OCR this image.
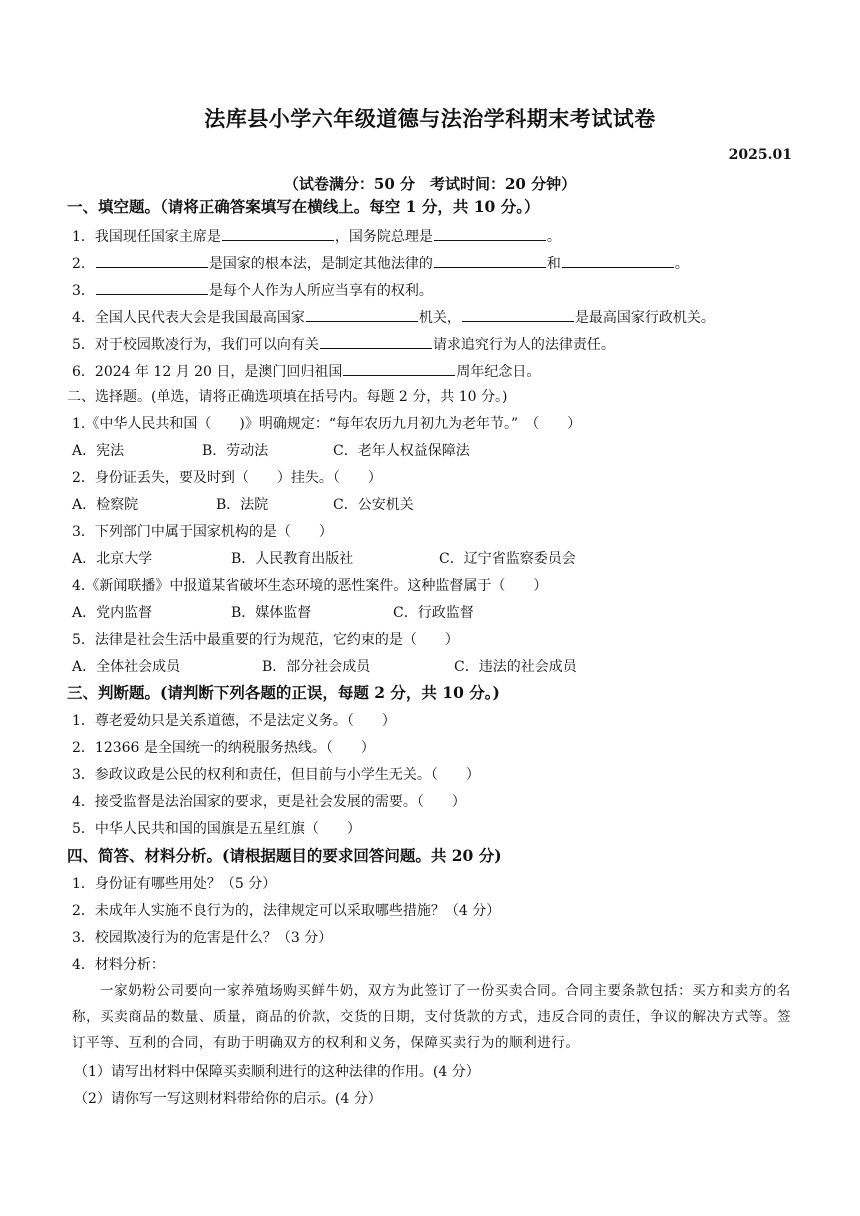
法库县小学六年级道德与法治学科期末考试试卷
2025.01
（试卷满分：50 分　考试时间：20 分钟）
一、填空题。（请将正确答案填写在横线上。每空 1 分，共 10 分。）
1．我国现任国家主席是	，国务院总理是	。
2．	是国家的根本法，是制定其他法律的	和	。
3．	是每个人作为人所应当享有的权利。
4．全国人民代表大会是我国最高国家	机关，	是最高国家行政机关。
5．对于校园欺凌行为，我们可以向有关	请求追究行为人的法律责任。
6．2024 年 12 月 20 日，是澳门回归祖国	周年纪念日。
二、选择题。(单选，请将正确选项填在括号内。每题 2 分，共 10 分。)
1.《中华人民共和国（　　)》明确规定：“每年农历九月初九为老年节。”　（　　）
A．宪法	B．劳动法	C．老年人权益保障法
2．身份证丢失，要及时到（　　）挂失。（　　）
A．检察院	B．法院	C．公安机关
3．下列部门中属于国家机构的是（　　）
A．北京大学	B．人民教育出版社	C．辽宁省监察委员会
4.《新闻联播》中报道某省破坏生态环境的恶性案件。这种监督属于（　　）
A．党内监督	B．媒体监督	C．行政监督
5．法律是社会生活中最重要的行为规范，它约束的是（　　）
A．全体社会成员	B．部分社会成员	C．违法的社会成员
三、判断题。(请判断下列各题的正误，每题 2 分，共 10 分。)
1．尊老爱幼只是关系道德，不是法定义务。（　　）
2．12366 是全国统一的纳税服务热线。（　　）
3．参政议政是公民的权利和责任，但目前与小学生无关。（　　）
4．接受监督是法治国家的要求，更是社会发展的需要。（　　）
5．中华人民共和国的国旗是五星红旗（　　）
四、简答、材料分析。(请根据题目的要求回答问题。共 20 分)
1．身份证有哪些用处？（5 分）
2．未成年人实施不良行为的，法律规定可以采取哪些措施？（4 分）
3．校园欺凌行为的危害是什么？（3 分）
4．材料分析：
一家奶粉公司要向一家养殖场购买鲜牛奶，双方为此签订了一份买卖合同。合同主要条款包括：买方和卖方的名称，买卖商品的数量、质量，商品的价款，交货的日期，支付货款的方式，违反合同的责任，争议的解决方式等。签订平等、互利的合同，有助于明确双方的权利和义务，保障买卖行为的顺利进行。
（1）请写出材料中保障买卖顺利进行的这种法律的作用。(4 分）
（2）请你写一写这则材料带给你的启示。(4 分）
